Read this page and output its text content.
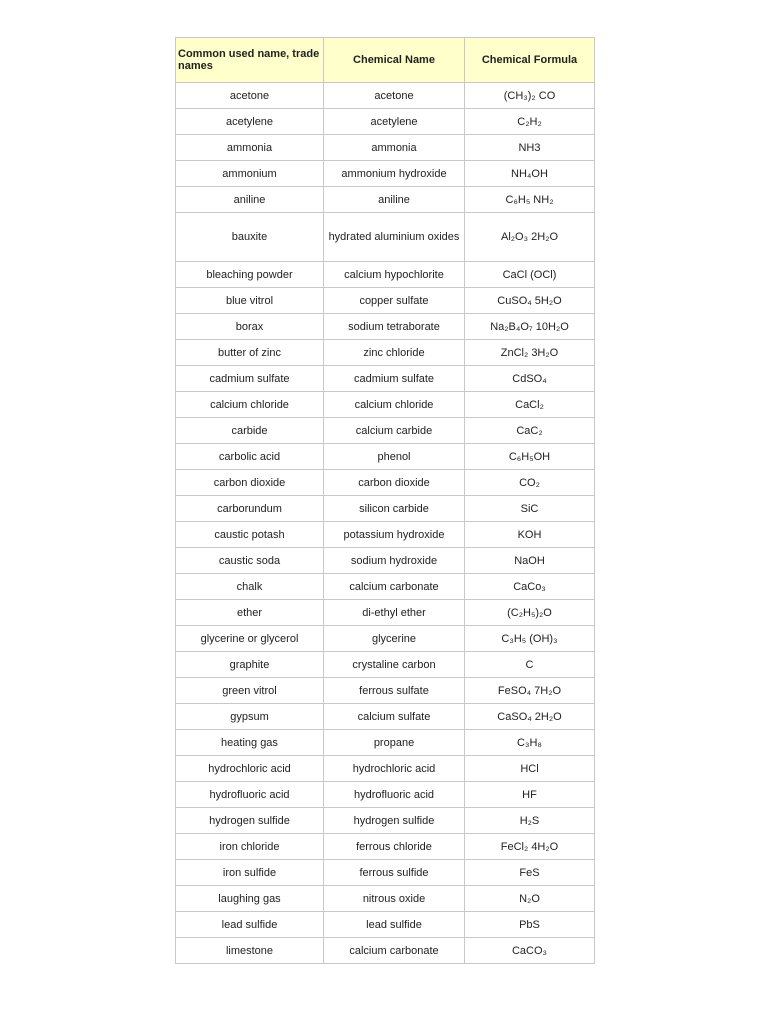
Common used name, trade names	Chemical Name	Chemical Formula
acetone	acetone	(CH₃)₂ CO
acetylene	acetylene	C₂H₂
ammonia	ammonia	NH3
ammonium	ammonium hydroxide	NH₄OH
aniline	aniline	C₆H₅ NH₂
bauxite	hydrated aluminium oxides	Al₂O₃ 2H₂O
bleaching powder	calcium hypochlorite	CaCl (OCl)
blue vitrol	copper sulfate	CuSO₄ 5H₂O
borax	sodium tetraborate	Na₂B₄O₇ 10H₂O
butter of zinc	zinc chloride	ZnCl₂ 3H₂O
cadmium sulfate	cadmium sulfate	CdSO₄
calcium chloride	calcium chloride	CaCl₂
carbide	calcium carbide	CaC₂
carbolic acid	phenol	C₆H₅OH
carbon dioxide	carbon dioxide	CO₂
carborundum	silicon carbide	SiC
caustic potash	potassium hydroxide	KOH
caustic soda	sodium hydroxide	NaOH
chalk	calcium carbonate	CaCo₃
ether	di-ethyl ether	(C₂H₅)₂O
glycerine or glycerol	glycerine	C₃H₅ (OH)₃
graphite	crystaline carbon	C
green vitrol	ferrous sulfate	FeSO₄ 7H₂O
gypsum	calcium sulfate	CaSO₄ 2H₂O
heating gas	propane	C₃H₈
hydrochloric acid	hydrochloric acid	HCl
hydrofluoric acid	hydrofluoric acid	HF
hydrogen sulfide	hydrogen sulfide	H₂S
iron chloride	ferrous chloride	FeCl₂ 4H₂O
iron sulfide	ferrous sulfide	FeS
laughing gas	nitrous oxide	N₂O
lead sulfide	lead sulfide	PbS
limestone	calcium carbonate	CaCO₃
